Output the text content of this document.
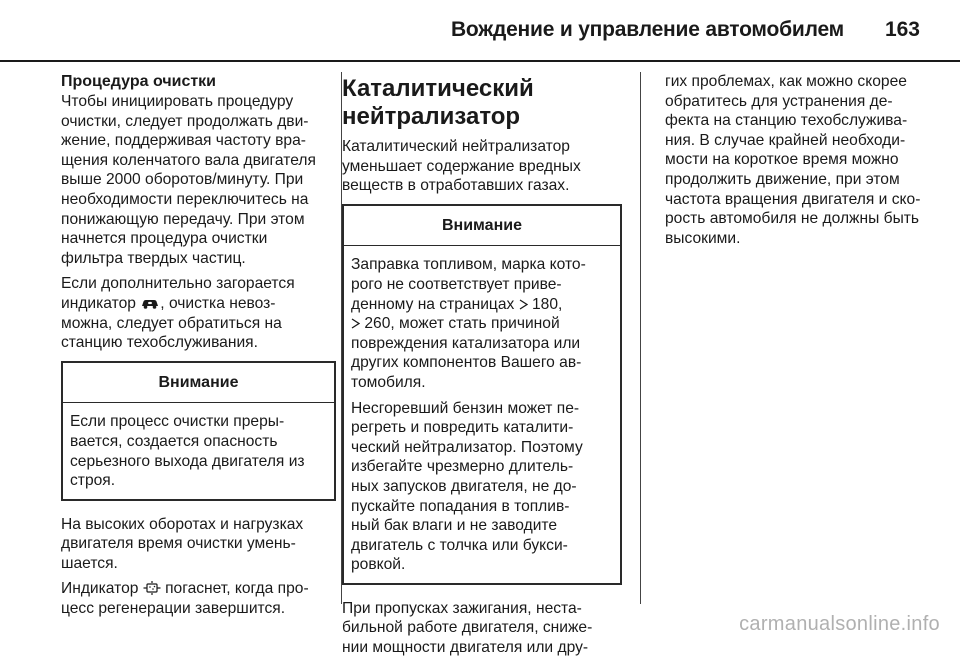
Вождение и управление автомобилем 163

Процедура очистки

Чтобы инициировать процедуру
очистки, следует продолжать дви-
жение, поддерживая частоту вра-
щения коленчатого вала двигателя
выше 2000 оборотов/минуту. При
необходимости переключитесь на
понижающую передачу. При этом
начнется процедура очистки
фильтра твердых частиц.

Если дополнительно загорается
индикатор , очистка невоз-
можна, следует обратиться на
станцию техобслуживания.

Внимание
Если процесс очистки преры-
вается, создается опасность
серьезного выхода двигателя из
строя.

На высоких оборотах и нагрузках
двигателя время очистки умень-
шается.

Индикатор  погаснет, когда про-
цесс регенерации завершится.

Каталитический
нейтрализатор

Каталитический нейтрализатор
уменьшает содержание вредных
веществ в отработавших газах.

Внимание

Заправка топливом, марка кото-
рого не соответствует приве-
денному на страницах  180,
260, может стать причиной
повреждения катализатора или
других компонентов Вашего ав-
томобиля.

Несгоревший бензин может пе-
регреть и повредить каталити-
ческий нейтрализатор. Поэтому
избегайте чрезмерно длитель-
ных запусков двигателя, не до-
пускайте попадания в топлив-
ный бак влаги и не заводите
двигатель с толчка или букси-
ровкой.

При пропусках зажигания, неста-
бильной работе двигателя, сниже-
нии мощности двигателя или дру-

гих проблемах, как можно скорее
обратитесь для устранения де-
фекта на станцию техобслужива-
ния. В случае крайней необходи-
мости на короткое время можно
продолжить движение, при этом
частота вращения двигателя и ско-
рость автомобиля не должны быть
высокими.

carmanualsonline.info
